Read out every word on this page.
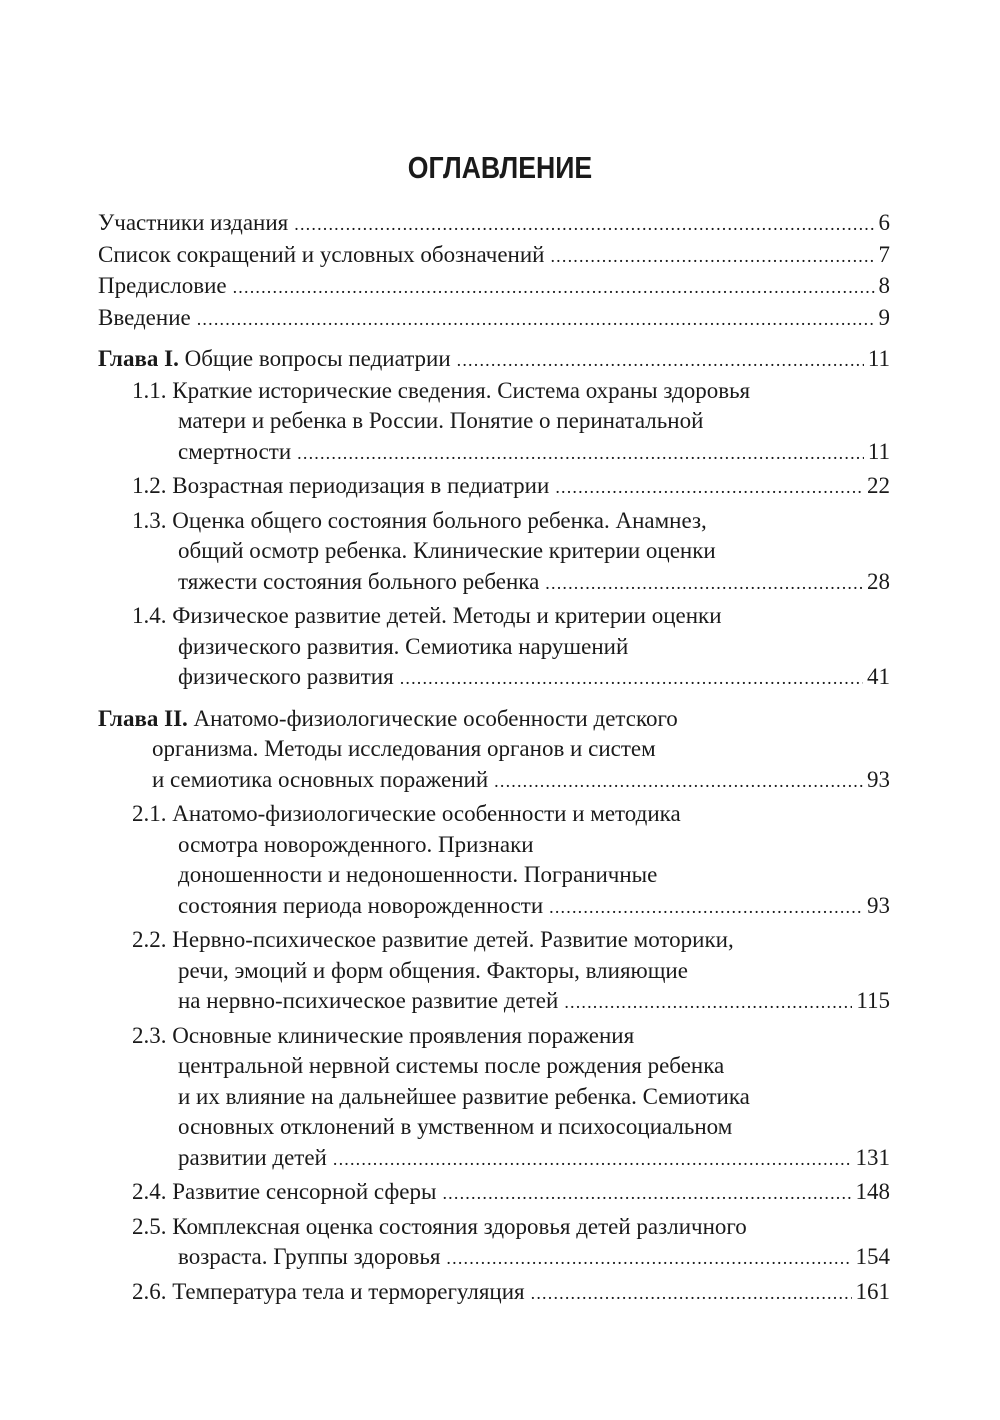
ОГЛАВЛЕНИЕ
Участники издания .....	6
Список сокращений и условных обозначений .....	7
Предисловие .....	8
Введение .....	9
Глава I. Общие вопросы педиатрии .....	11
1.1. Краткие исторические сведения. Система охраны здоровья
матери и ребенка в России. Понятие о перинатальной
смертности .....	11
1.2. Возрастная периодизация в педиатрии .....	22
1.3. Оценка общего состояния больного ребенка. Анамнез,
общий осмотр ребенка. Клинические критерии оценки
тяжести состояния больного ребенка .....	28
1.4. Физическое развитие детей. Методы и критерии оценки
физического развития. Семиотика нарушений
физического развития .....	41
Глава II. Анатомо-физиологические особенности детского
организма. Методы исследования органов и систем
и семиотика основных поражений .....	93
2.1. Анатомо-физиологические особенности и методика
осмотра новорожденного. Признаки
доношенности и недоношенности. Пограничные
состояния периода новорожденности .....	93
2.2. Нервно-психическое развитие детей. Развитие моторики,
речи, эмоций и форм общения. Факторы, влияющие
на нервно-психическое развитие детей .....	115
2.3. Основные клинические проявления поражения
центральной нервной системы после рождения ребенка
и их влияние на дальнейшее развитие ребенка. Семиотика
основных отклонений в умственном и психосоциальном
развитии детей .....	131
2.4. Развитие сенсорной сферы .....	148
2.5. Комплексная оценка состояния здоровья детей различного
возраста. Группы здоровья .....	154
2.6. Температура тела и терморегуляция .....	161
